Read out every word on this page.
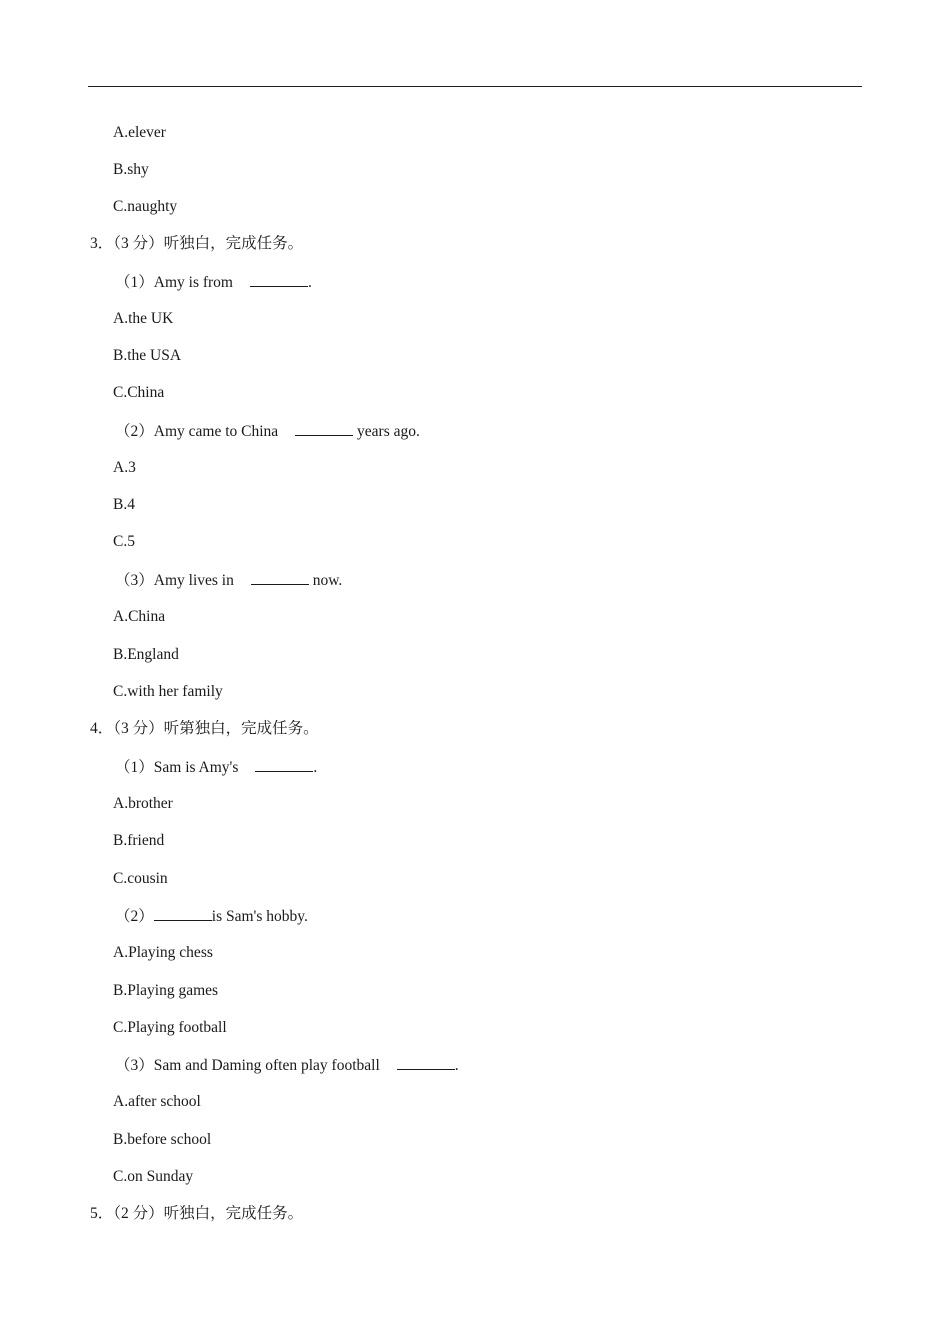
A.elever
B.shy
C.naughty
3．（3 分）听独白，完成任务。
（1）Amy is from	.
A.the UK
B.the USA
C.China
（2）Amy came to China	years ago.
A.3
B.4
C.5
（3）Amy lives in	now.
A.China
B.England
C.with her family
4．（3 分）听第独白，完成任务。
（1）Sam is Amy's	.
A.brother
B.friend
C.cousin
（2）	is Sam's hobby.
A.Playing chess
B.Playing games
C.Playing football
（3）Sam and Daming often play football	.
A.after school
B.before school
C.on Sunday
5．（2 分）听独白，完成任务。
